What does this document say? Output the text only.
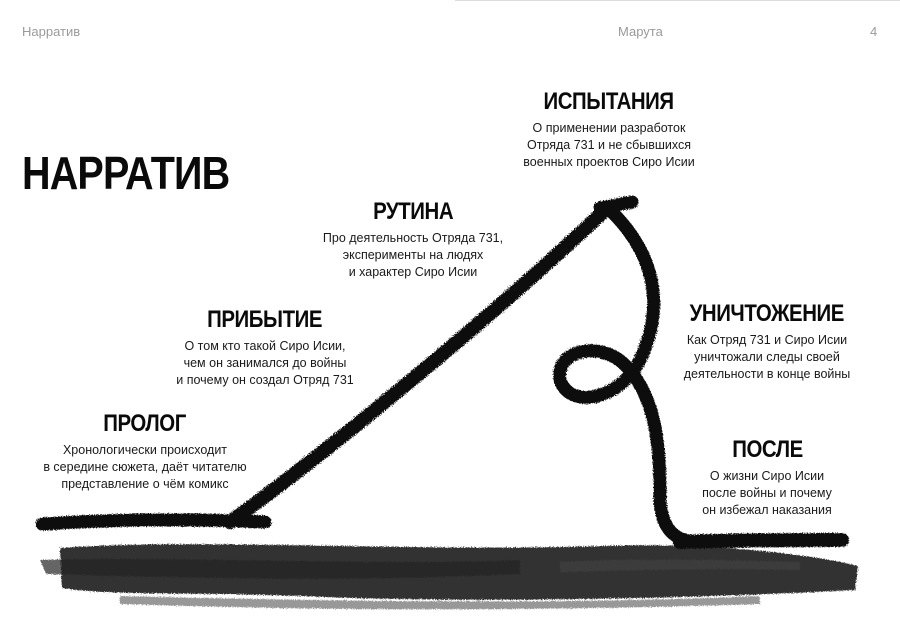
Нарратив	Марута	4
НАРРАТИВ
ПРОЛОГ
Хронологически происходит
в середине сюжета, даёт читателю
представление о чём комикс
ПРИБЫТИЕ
О том кто такой Сиро Исии,
чем он занимался до войны
и почему он создал Отряд 731
РУТИНА
Про деятельность Отряда 731,
эксперименты на людях
и характер Сиро Исии
ИСПЫТАНИЯ
О применении разработок
Отряда 731 и не сбывшихся
военных проектов Сиро Исии
УНИЧТОЖЕНИЕ
Как Отряд 731 и Сиро Исии
уничтожали следы своей
деятельности в конце войны
ПОСЛЕ
О жизни Сиро Исии
после войны и почему
он избежал наказания
